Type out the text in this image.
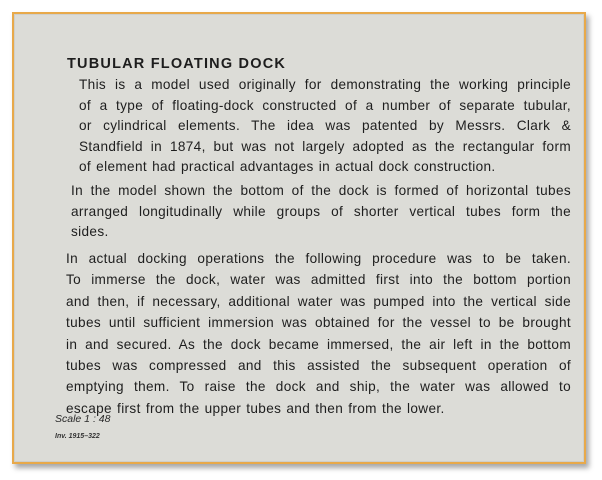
TUBULAR FLOATING DOCK
This is a model used originally for demonstrating the working principle
of a type of floating-dock constructed of a number of separate tubular,
or cylindrical elements. The idea was patented by Messrs. Clark &
Standfield in 1874, but was not largely adopted as the rectangular form
of element had practical advantages in actual dock construction.
In the model shown the bottom of the dock is formed of horizontal tubes
arranged longitudinally while groups of shorter vertical tubes form the
sides.
In actual docking operations the following procedure was to be taken.
To immerse the dock, water was admitted first into the bottom portion
and then, if necessary, additional water was pumped into the vertical side
tubes until sufficient immersion was obtained for the vessel to be brought
in and secured. As the dock became immersed, the air left in the bottom
tubes was compressed and this assisted the subsequent operation of
emptying them. To raise the dock and ship, the water was allowed to
escape first from the upper tubes and then from the lower.
Scale 1 : 48
Inv. 1915–322
